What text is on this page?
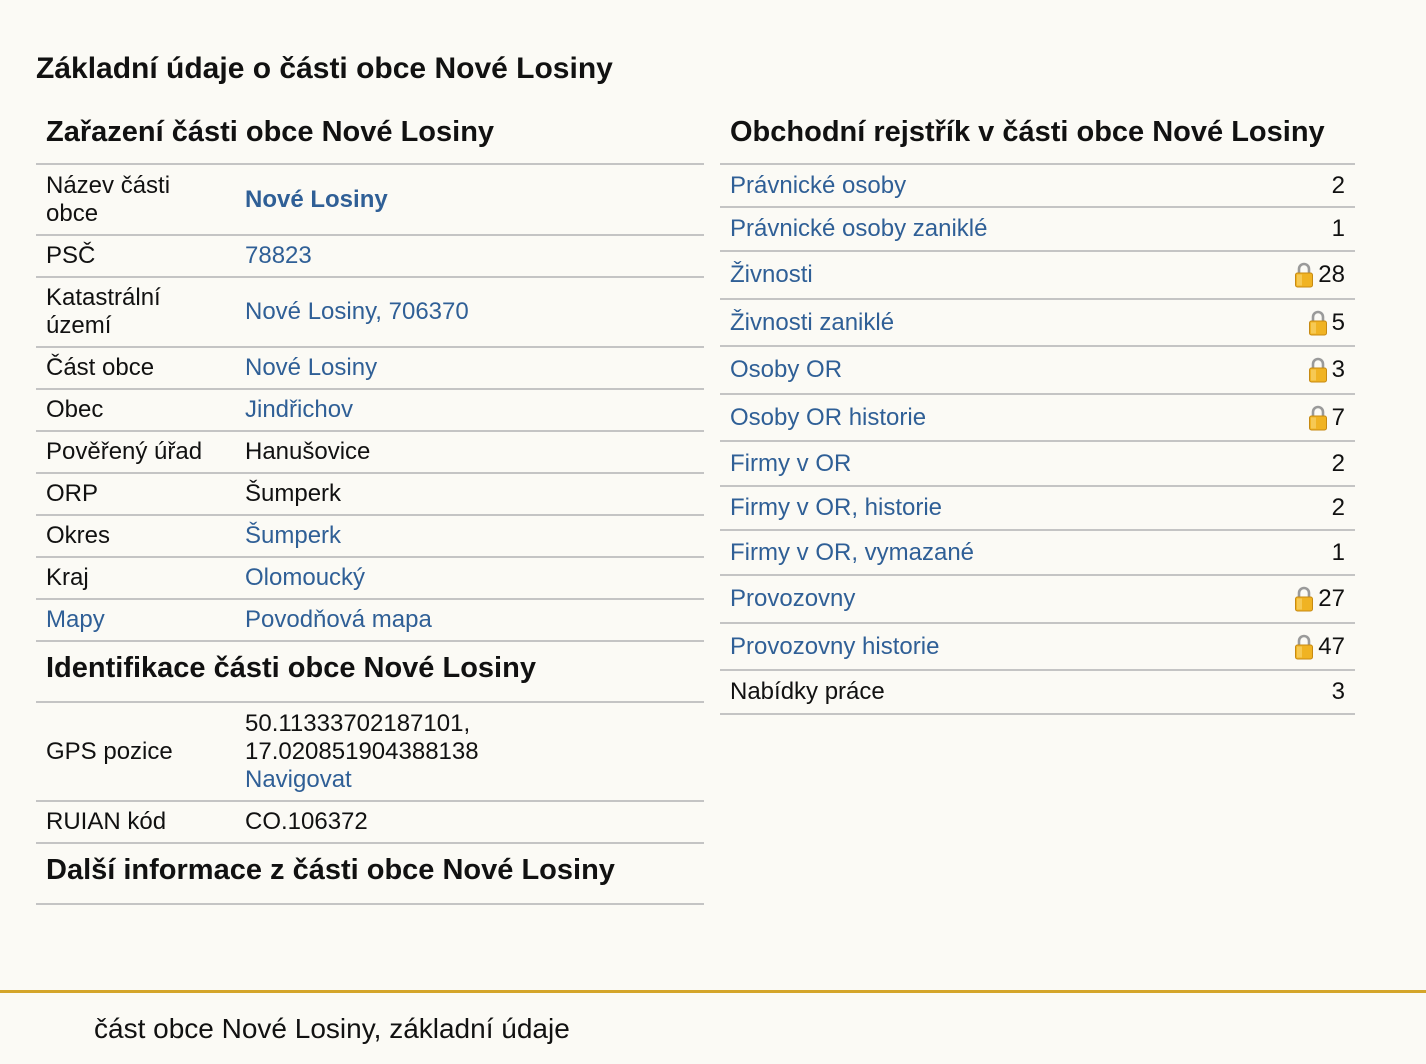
Základní údaje o části obce Nové Losiny
Zařazení části obce Nové Losiny
Název části obce	Nové Losiny
PSČ	78823
Katastrální území	Nové Losiny, 706370
Část obce	Nové Losiny
Obec	Jindřichov
Pověřený úřad	Hanušovice
ORP	Šumperk
Okres	Šumperk
Kraj	Olomoucký
Mapy	Povodňová mapa
Identifikace části obce Nové Losiny
GPS pozice	50.11333702187101,
17.020851904388138
Navigovat
RUIAN kód	CO.106372
Další informace z části obce Nové Losiny
Obchodní rejstřík v části obce Nové Losiny
Právnické osoby	2
Právnické osoby zaniklé	1
Živnosti	28
Živnosti zaniklé	5
Osoby OR	3
Osoby OR historie	7
Firmy v OR	2
Firmy v OR, historie	2
Firmy v OR, vymazané	1
Provozovny	27
Provozovny historie	47
Nabídky práce	3
část obce Nové Losiny, základní údaje
